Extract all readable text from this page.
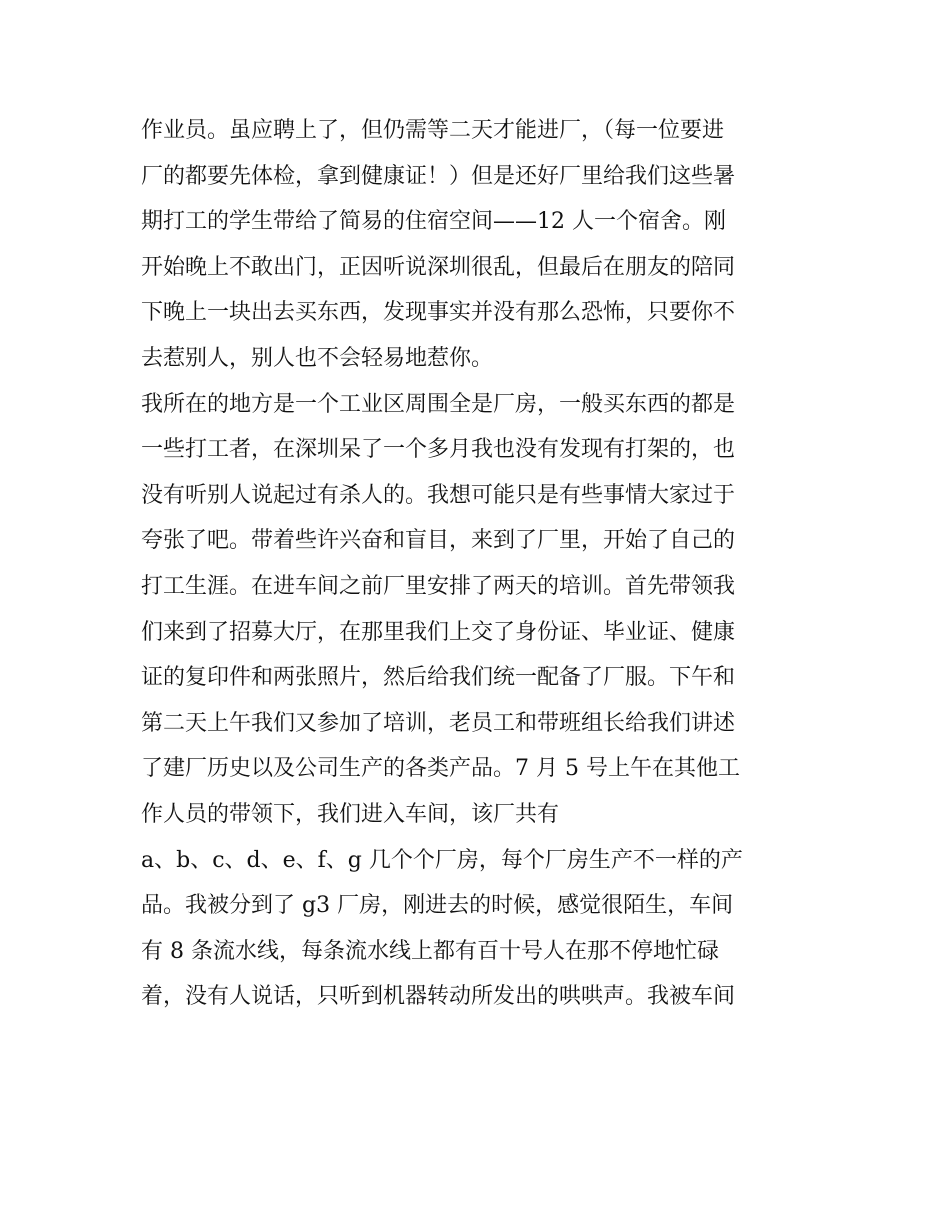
作业员。虽应聘上了，但仍需等二天才能进厂，（每一位要进
厂的都要先体检，拿到健康证！）但是还好厂里给我们这些暑
期打工的学生带给了简易的住宿空间——12 人一个宿舍。刚
开始晚上不敢出门，正因听说深圳很乱，但最后在朋友的陪同
下晚上一块出去买东西，发现事实并没有那么恐怖，只要你不
去惹别人，别人也不会轻易地惹你。
我所在的地方是一个工业区周围全是厂房，一般买东西的都是
一些打工者，在深圳呆了一个多月我也没有发现有打架的，也
没有听别人说起过有杀人的。我想可能只是有些事情大家过于
夸张了吧。带着些许兴奋和盲目，来到了厂里，开始了自己的
打工生涯。在进车间之前厂里安排了两天的培训。首先带领我
们来到了招募大厅，在那里我们上交了身份证、毕业证、健康
证的复印件和两张照片，然后给我们统一配备了厂服。下午和
第二天上午我们又参加了培训，老员工和带班组长给我们讲述
了建厂历史以及公司生产的各类产品。7 月 5 号上午在其他工
作人员的带领下，我们进入车间，该厂共有
a、b、c、d、e、f、g 几个个厂房，每个厂房生产不一样的产
品。我被分到了 g3 厂房，刚进去的时候，感觉很陌生，车间
有 8 条流水线，每条流水线上都有百十号人在那不停地忙碌
着，没有人说话，只听到机器转动所发出的哄哄声。我被车间
